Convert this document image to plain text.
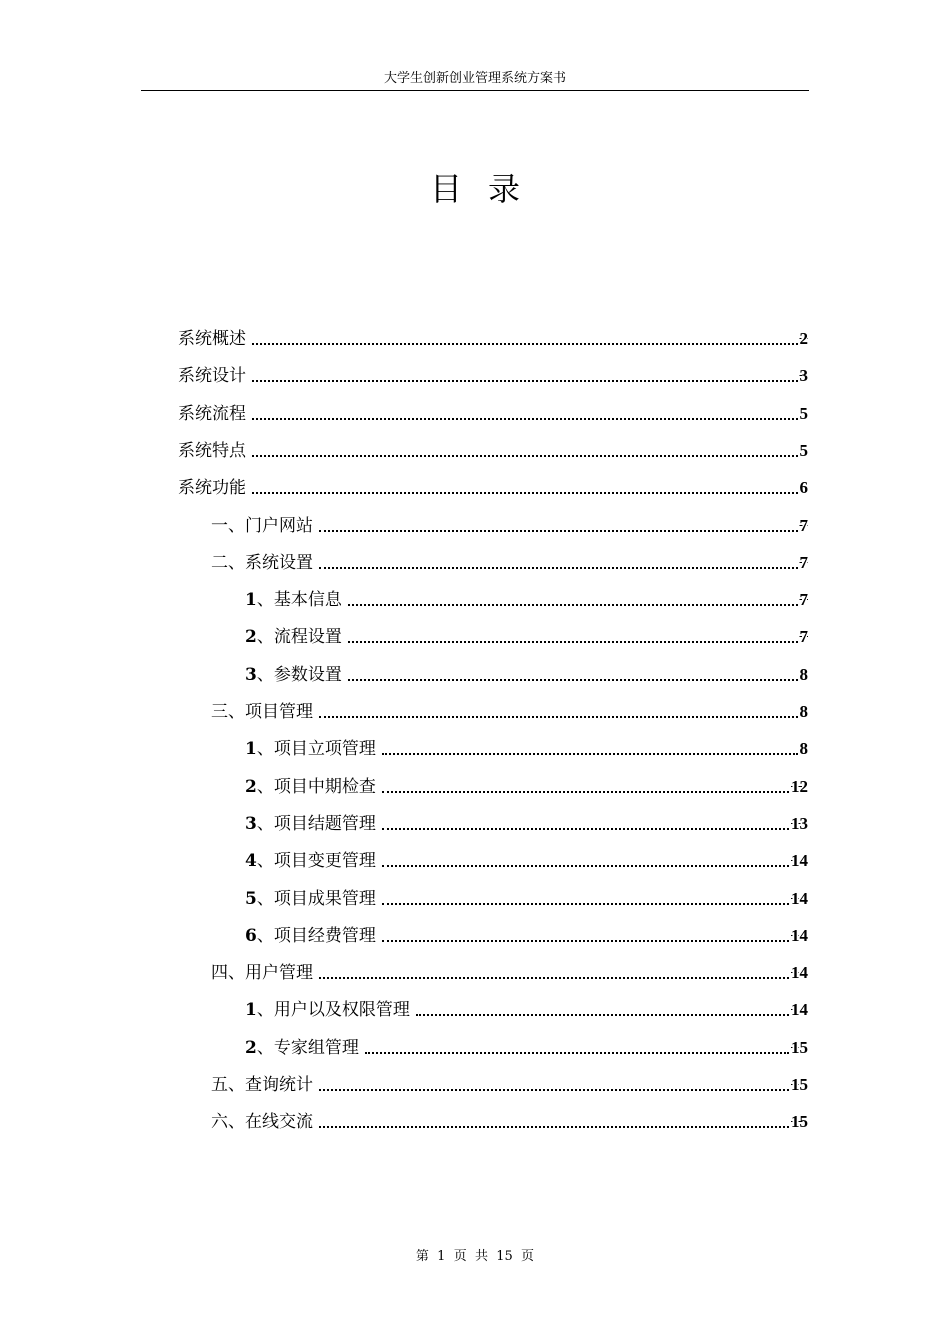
大学生创新创业管理系统方案书
目录
系统概述	2
系统设计	3
系统流程	5
系统特点	5
系统功能	6
一、门户网站	7
二、系统设置	7
1、基本信息	7
2、流程设置	7
3、参数设置	8
三、项目管理	8
1、项目立项管理	8
2、项目中期检查	12
3、项目结题管理	13
4、项目变更管理	14
5、项目成果管理	14
6、项目经费管理	14
四、用户管理	14
1、用户以及权限管理	14
2、专家组管理	15
五、查询统计	15
六、在线交流	15
第  1  页  共  15  页
